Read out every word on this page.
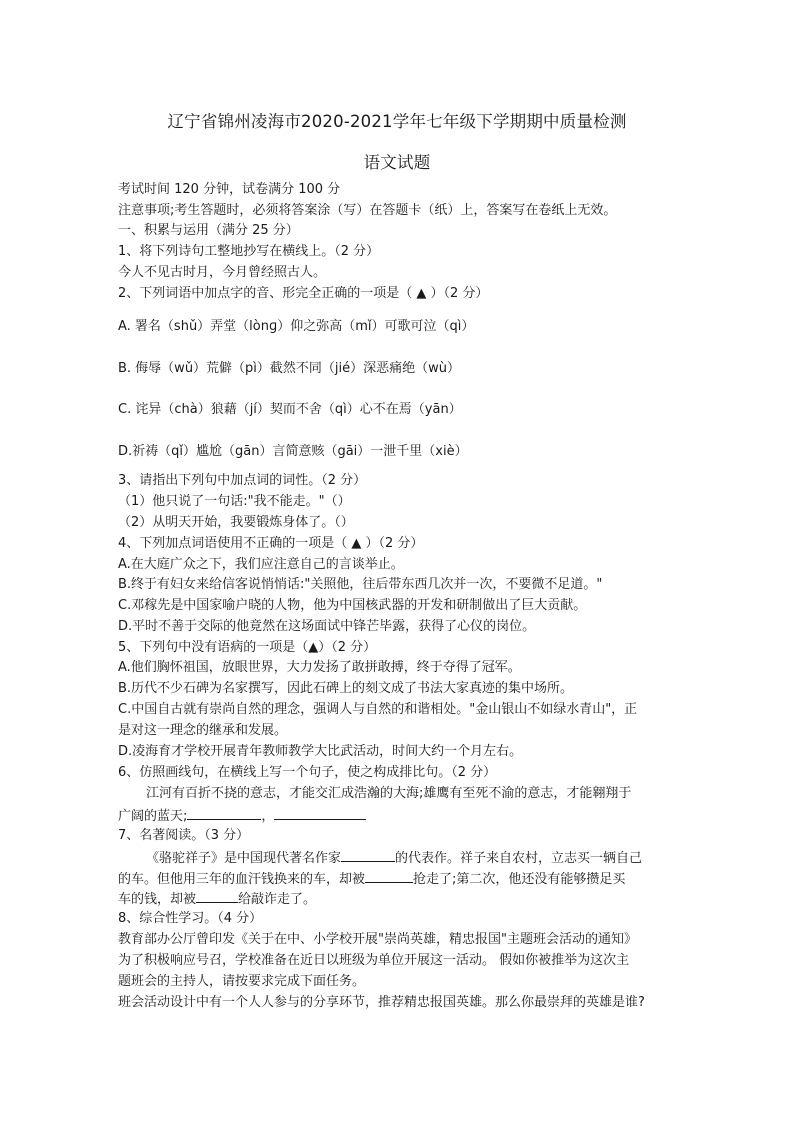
辽宁省锦州凌海市2020-2021学年七年级下学期期中质量检测
语文试题
考试时间 120 分钟，试卷满分 100 分
注意事项;考生答题时，必须将答案涂（写）在答题卡（纸）上，答案写在卷纸上无效。
一、积累与运用（满分 25 分）
1、将下列诗句工整地抄写在横线上。（2 分）
今人不见古时月，今月曾经照古人。
2、下列词语中加点字的音、形完全正确的一项是（ ▲ ）（2 分）
A. 署名（shǔ）弄堂（lònɡ）仰之弥高（mǐ）可歌可泣（qì）
B. 侮辱（wǔ）荒僻（pì）截然不同（jié）深恶痛绝（wù）
C. 诧异（chà）狼藉（jí）契而不舍（qì）心不在焉（yān）
D.祈祷（qǐ）尴尬（gān）言简意赅（gāi）一泄千里（xiè）
3、请指出下列句中加点词的词性。（2 分）
（1）他只说了一句话:"我不能走。"（）
（2）从明天开始，我要锻炼身体了。（）
4、下列加点词语使用不正确的一项是（ ▲ ）（2 分）
A.在大庭广众之下，我们应注意自己的言谈举止。
B.终于有妇女来给信客说悄悄话:"关照他，往后带东西几次并一次，不要微不足道。"
C.邓稼先是中国家喻户晓的人物，他为中国核武器的开发和研制做出了巨大贡献。
D.平时不善于交际的他竟然在这场面试中锋芒毕露，获得了心仪的岗位。
5、下列句中没有语病的一项是（▲）（2 分）
A.他们胸怀祖国，放眼世界，大力发扬了敢拼敢搏，终于夺得了冠军。
B.历代不少石碑为名家撰写，因此石碑上的刻文成了书法大家真迹的集中场所。
C.中国自古就有崇尚自然的理念，强调人与自然的和谐相处。"金山银山不如绿水青山"，正
是对这一理念的继承和发展。
D.凌海育才学校开展青年教师教学大比武活动，时间大约一个月左右。
6、仿照画线句，在横线上写一个句子，使之构成排比句。（2 分）
江河有百折不挠的意志，才能交汇成浩瀚的大海;雄鹰有至死不渝的意志，才能翱翔于
广阔的蓝天;	，
7、名著阅读。（3 分）
《骆驼祥子》是中国现代著名作家	的代表作。祥子来自农村，立志买一辆自己
的车。但他用三年的血汗钱换来的车，却被	抢走了;第二次，他还没有能够攒足买
车的钱，却被	给敲诈走了。
8、综合性学习。（4 分）
教育部办公厅曾印发《关于在中、小学校开展"崇尚英雄，精忠报国"主题班会活动的通知》
为了积极响应号召，学校准备在近日以班级为单位开展这一活动。 假如你被推举为这次主
题班会的主持人，请按要求完成下面任务。
班会活动设计中有一个人人参与的分享环节，推荐精忠报国英雄。那么你最崇拜的英雄是谁?
